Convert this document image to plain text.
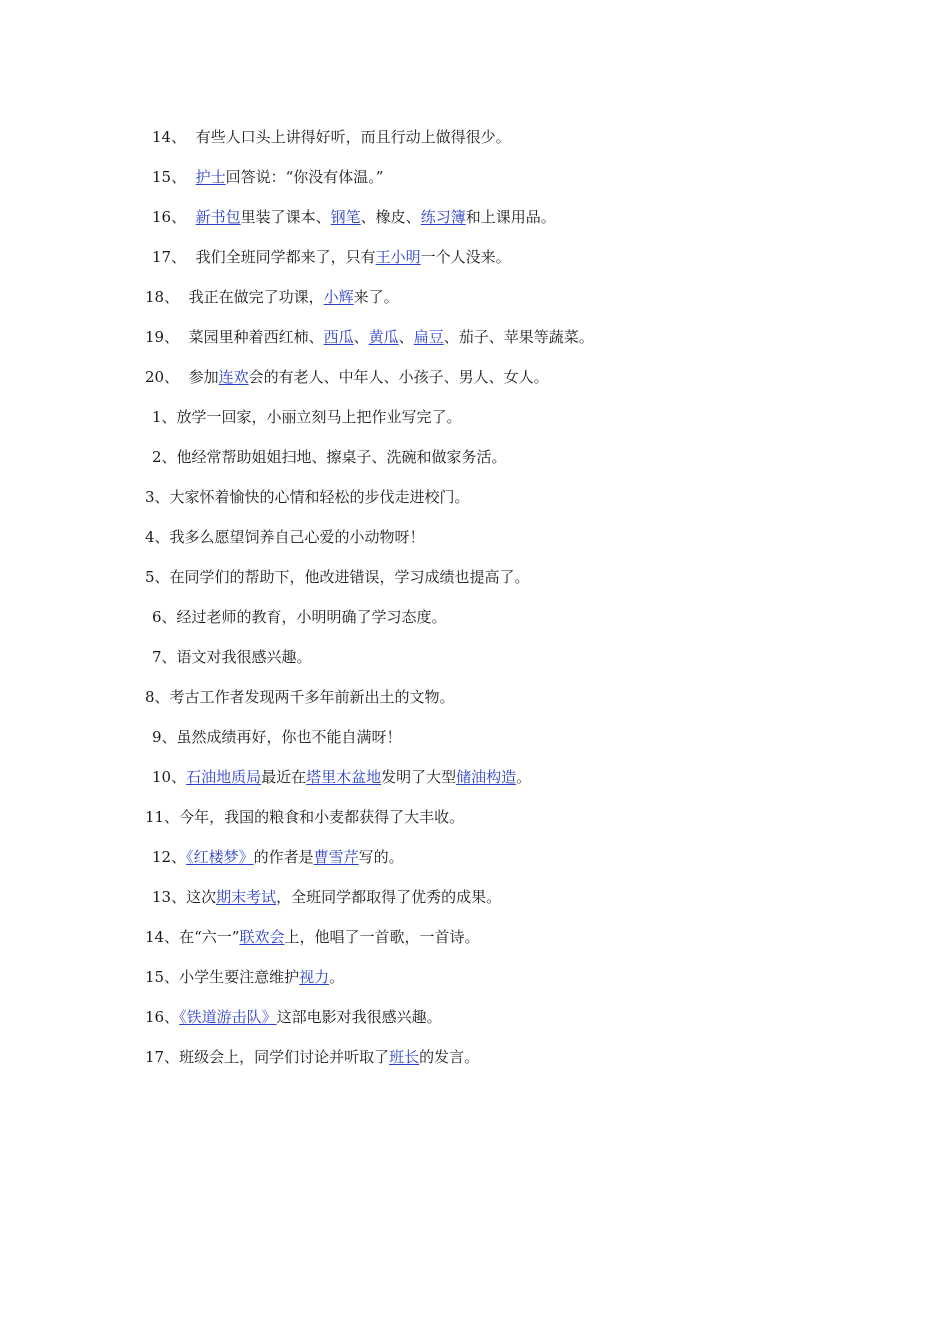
14、  有些人口头上讲得好听，而且行动上做得很少。
15、  护士回答说：“你没有体温。”
16、  新书包里装了课本、钢笔、橡皮、练习簿和上课用品。
17、  我们全班同学都来了，只有王小明一个人没来。
18、  我正在做完了功课，小辉来了。
19、  菜园里种着西红柿、西瓜、黄瓜、扁豆、茄子、苹果等蔬菜。
20、  参加连欢会的有老人、中年人、小孩子、男人、女人。
1、放学一回家，小丽立刻马上把作业写完了。
2、他经常帮助姐姐扫地、擦桌子、洗碗和做家务活。
3、大家怀着愉快的心情和轻松的步伐走进校门。
4、我多么愿望饲养自己心爱的小动物呀！
5、在同学们的帮助下，他改进错误，学习成绩也提高了。
6、经过老师的教育，小明明确了学习态度。
7、语文对我很感兴趣。
8、考古工作者发现两千多年前新出土的文物。
9、虽然成绩再好，你也不能自满呀！
10、石油地质局最近在塔里木盆地发明了大型储油构造。
11、今年，我国的粮食和小麦都获得了大丰收。
12、《红楼梦》的作者是曹雪芹写的。
13、这次期末考试，全班同学都取得了优秀的成果。
14、在“六一”联欢会上，他唱了一首歌，一首诗。
15、小学生要注意维护视力。
16、《铁道游击队》这部电影对我很感兴趣。
17、班级会上，同学们讨论并听取了班长的发言。
